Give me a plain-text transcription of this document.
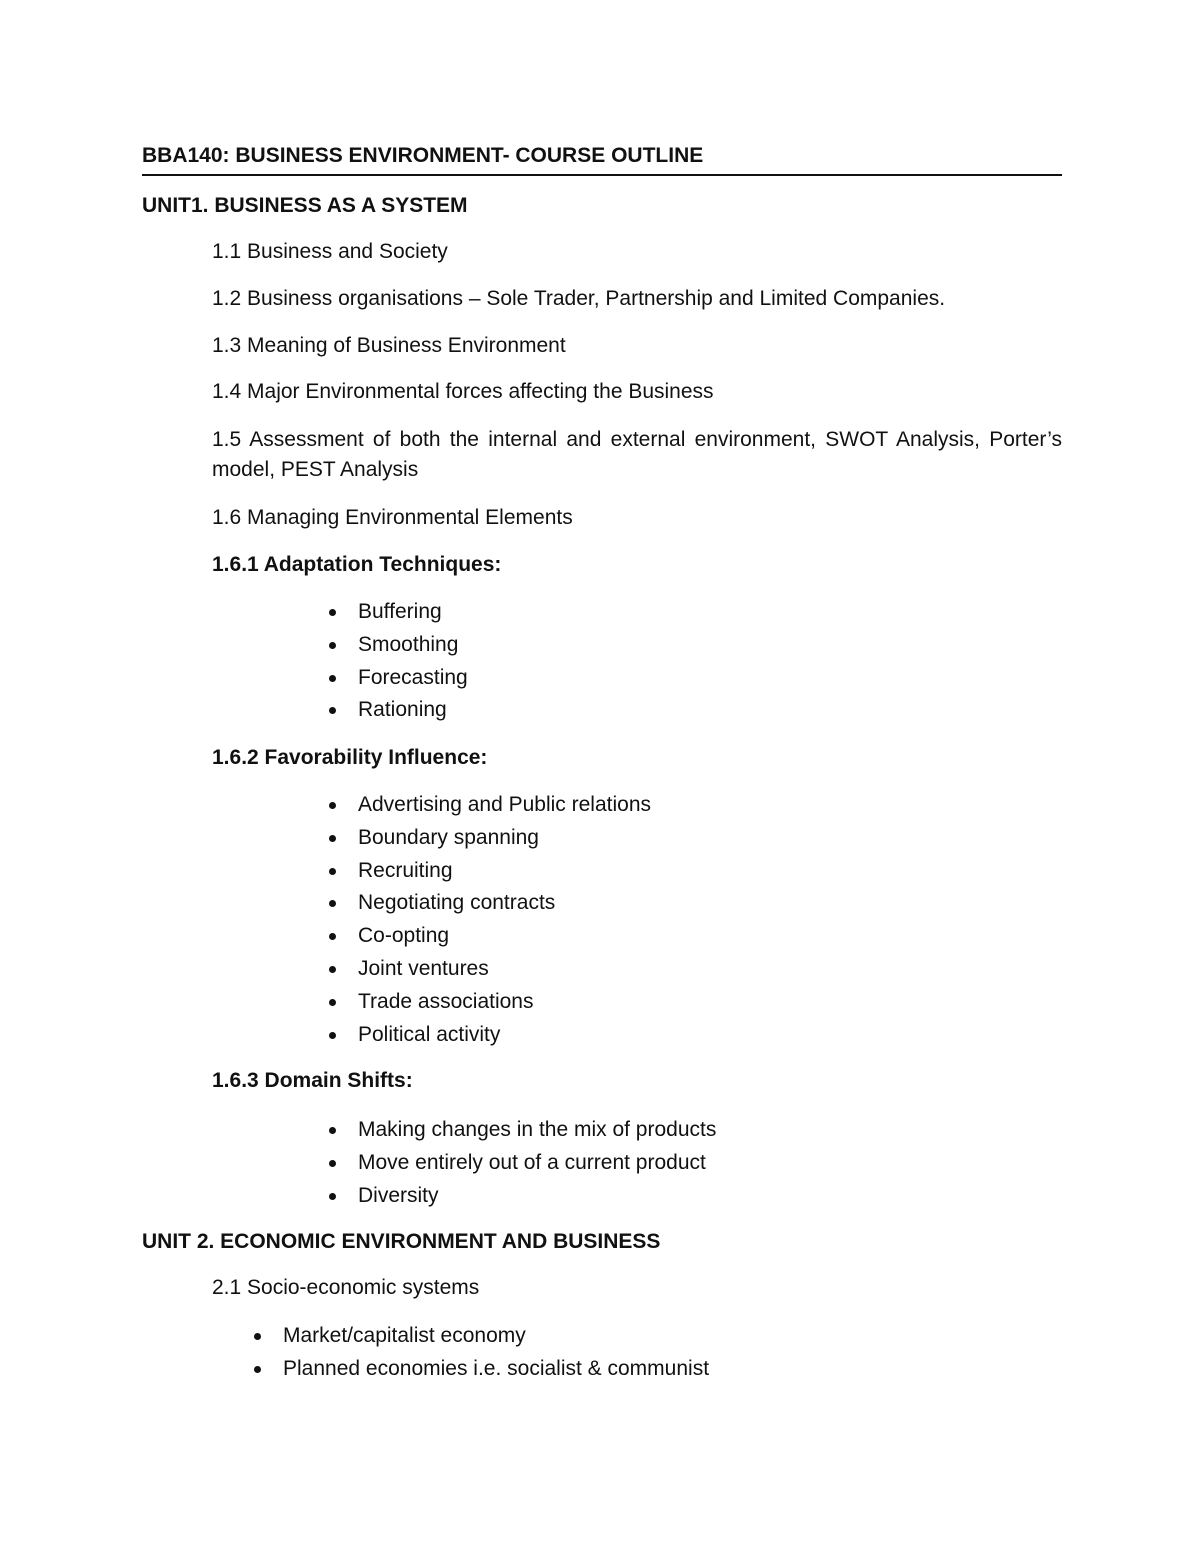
BBA140: BUSINESS ENVIRONMENT- COURSE OUTLINE
UNIT1. BUSINESS AS A SYSTEM
1.1 Business and Society
1.2 Business organisations – Sole Trader, Partnership and Limited Companies.
1.3 Meaning of Business Environment
1.4 Major Environmental forces affecting the Business
1.5 Assessment of both the internal and external environment, SWOT Analysis, Porter’s model, PEST Analysis
1.6 Managing Environmental Elements
1.6.1 Adaptation Techniques:
Buffering
Smoothing
Forecasting
Rationing
1.6.2 Favorability Influence:
Advertising and Public relations
Boundary spanning
Recruiting
Negotiating contracts
Co-opting
Joint ventures
Trade associations
Political activity
1.6.3 Domain Shifts:
Making changes in the mix of products
Move entirely out of a current product
Diversity
UNIT 2. ECONOMIC ENVIRONMENT AND BUSINESS
2.1 Socio-economic systems
Market/capitalist economy
Planned economies i.e. socialist & communist
